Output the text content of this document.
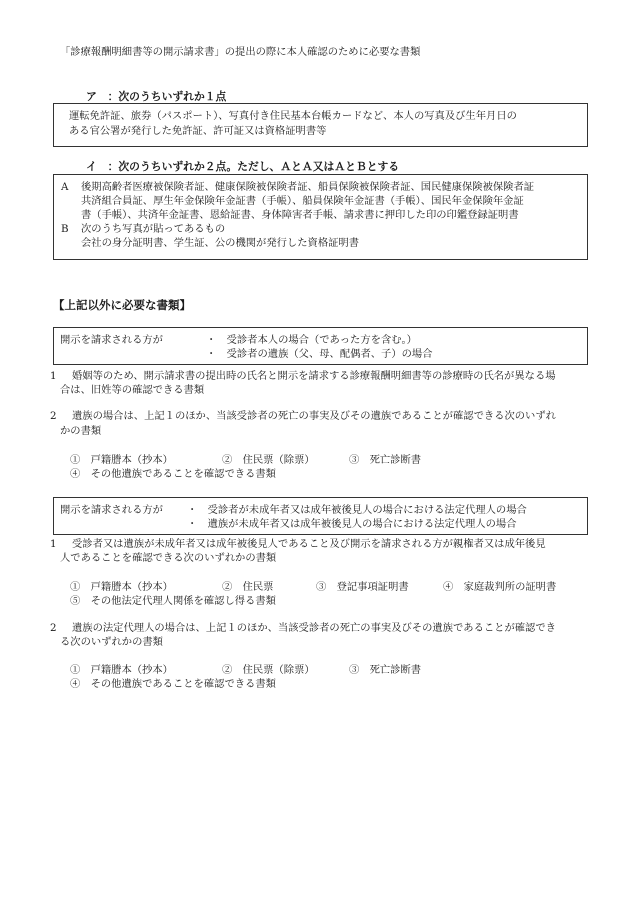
「診療報酬明細書等の開示請求書」の提出の際に本人確認のために必要な書類
ア　：次のうちいずれか１点
運転免許証、旅券（パスポート）、写真付き住民基本台帳カードなど、本人の写真及び生年月日の
ある官公署が発行した免許証、許可証又は資格証明書等
イ　：次のうちいずれか２点。ただし、ＡとＡ又はＡとＢとする
A 後期高齢者医療被保険者証、健康保険被保険者証、船員保険被保険者証、国民健康保険被保険者証
共済組合員証、厚生年金保険年金証書（手帳）、船員保険年金証書（手帳）、国民年金保険年金証
書（手帳）、共済年金証書、恩給証書、身体障害者手帳、請求書に押印した印の印鑑登録証明書
B 次のうち写真が貼ってあるもの
会社の身分証明書、学生証、公の機関が発行した資格証明書
【上記以外に必要な書類】
開示を請求される方が	・　受診者本人の場合（であった方を含む。）
・　受診者の遺族（父、母、配偶者、子）の場合
1 婚姻等のため、開示請求書の提出時の氏名と開示を請求する診療報酬明細書等の診療時の氏名が異なる場
合は、旧姓等の確認できる書類
2 遺族の場合は、上記１のほか、当該受診者の死亡の事実及びその遺族であることが確認できる次のいずれ
かの書類
①　戸籍謄本（抄本）	②　住民票（除票）	③　死亡診断書
④　その他遺族であることを確認できる書類
開示を請求される方が ・　受診者が未成年者又は成年被後見人の場合における法定代理人の場合
・　遺族が未成年者又は成年被後見人の場合における法定代理人の場合
1 受診者又は遺族が未成年者又は成年被後見人であること及び開示を請求される方が親権者又は成年後見
人であることを確認できる次のいずれかの書類
①　戸籍謄本（抄本）	②　住民票	③　登記事項証明書	④　家庭裁判所の証明書
⑤　その他法定代理人関係を確認し得る書類
2 遺族の法定代理人の場合は、上記１のほか、当該受診者の死亡の事実及びその遺族であることが確認でき
る次のいずれかの書類
①　戸籍謄本（抄本）	②　住民票（除票）	③　死亡診断書
④　その他遺族であることを確認できる書類
